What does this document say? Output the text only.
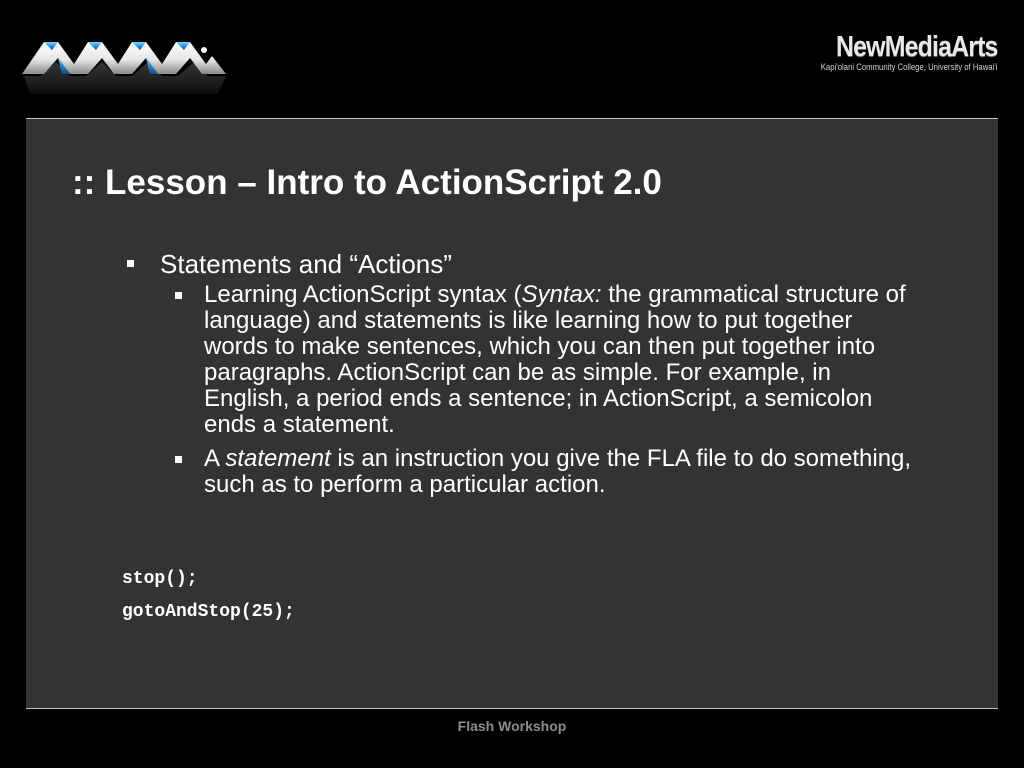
NewMediaArts
Kapi'olani Community College, University of Hawai'i
:: Lesson – Intro to ActionScript 2.0
Statements and “Actions”
Learning ActionScript syntax (Syntax: the grammatical structure of language) and statements is like learning how to put together words to make sentences, which you can then put together into paragraphs. ActionScript can be as simple. For example, in English, a period ends a sentence; in ActionScript, a semicolon ends a statement.
A statement is an instruction you give the FLA file to do something, such as to perform a particular action.
stop();
gotoAndStop(25);
Flash Workshop
